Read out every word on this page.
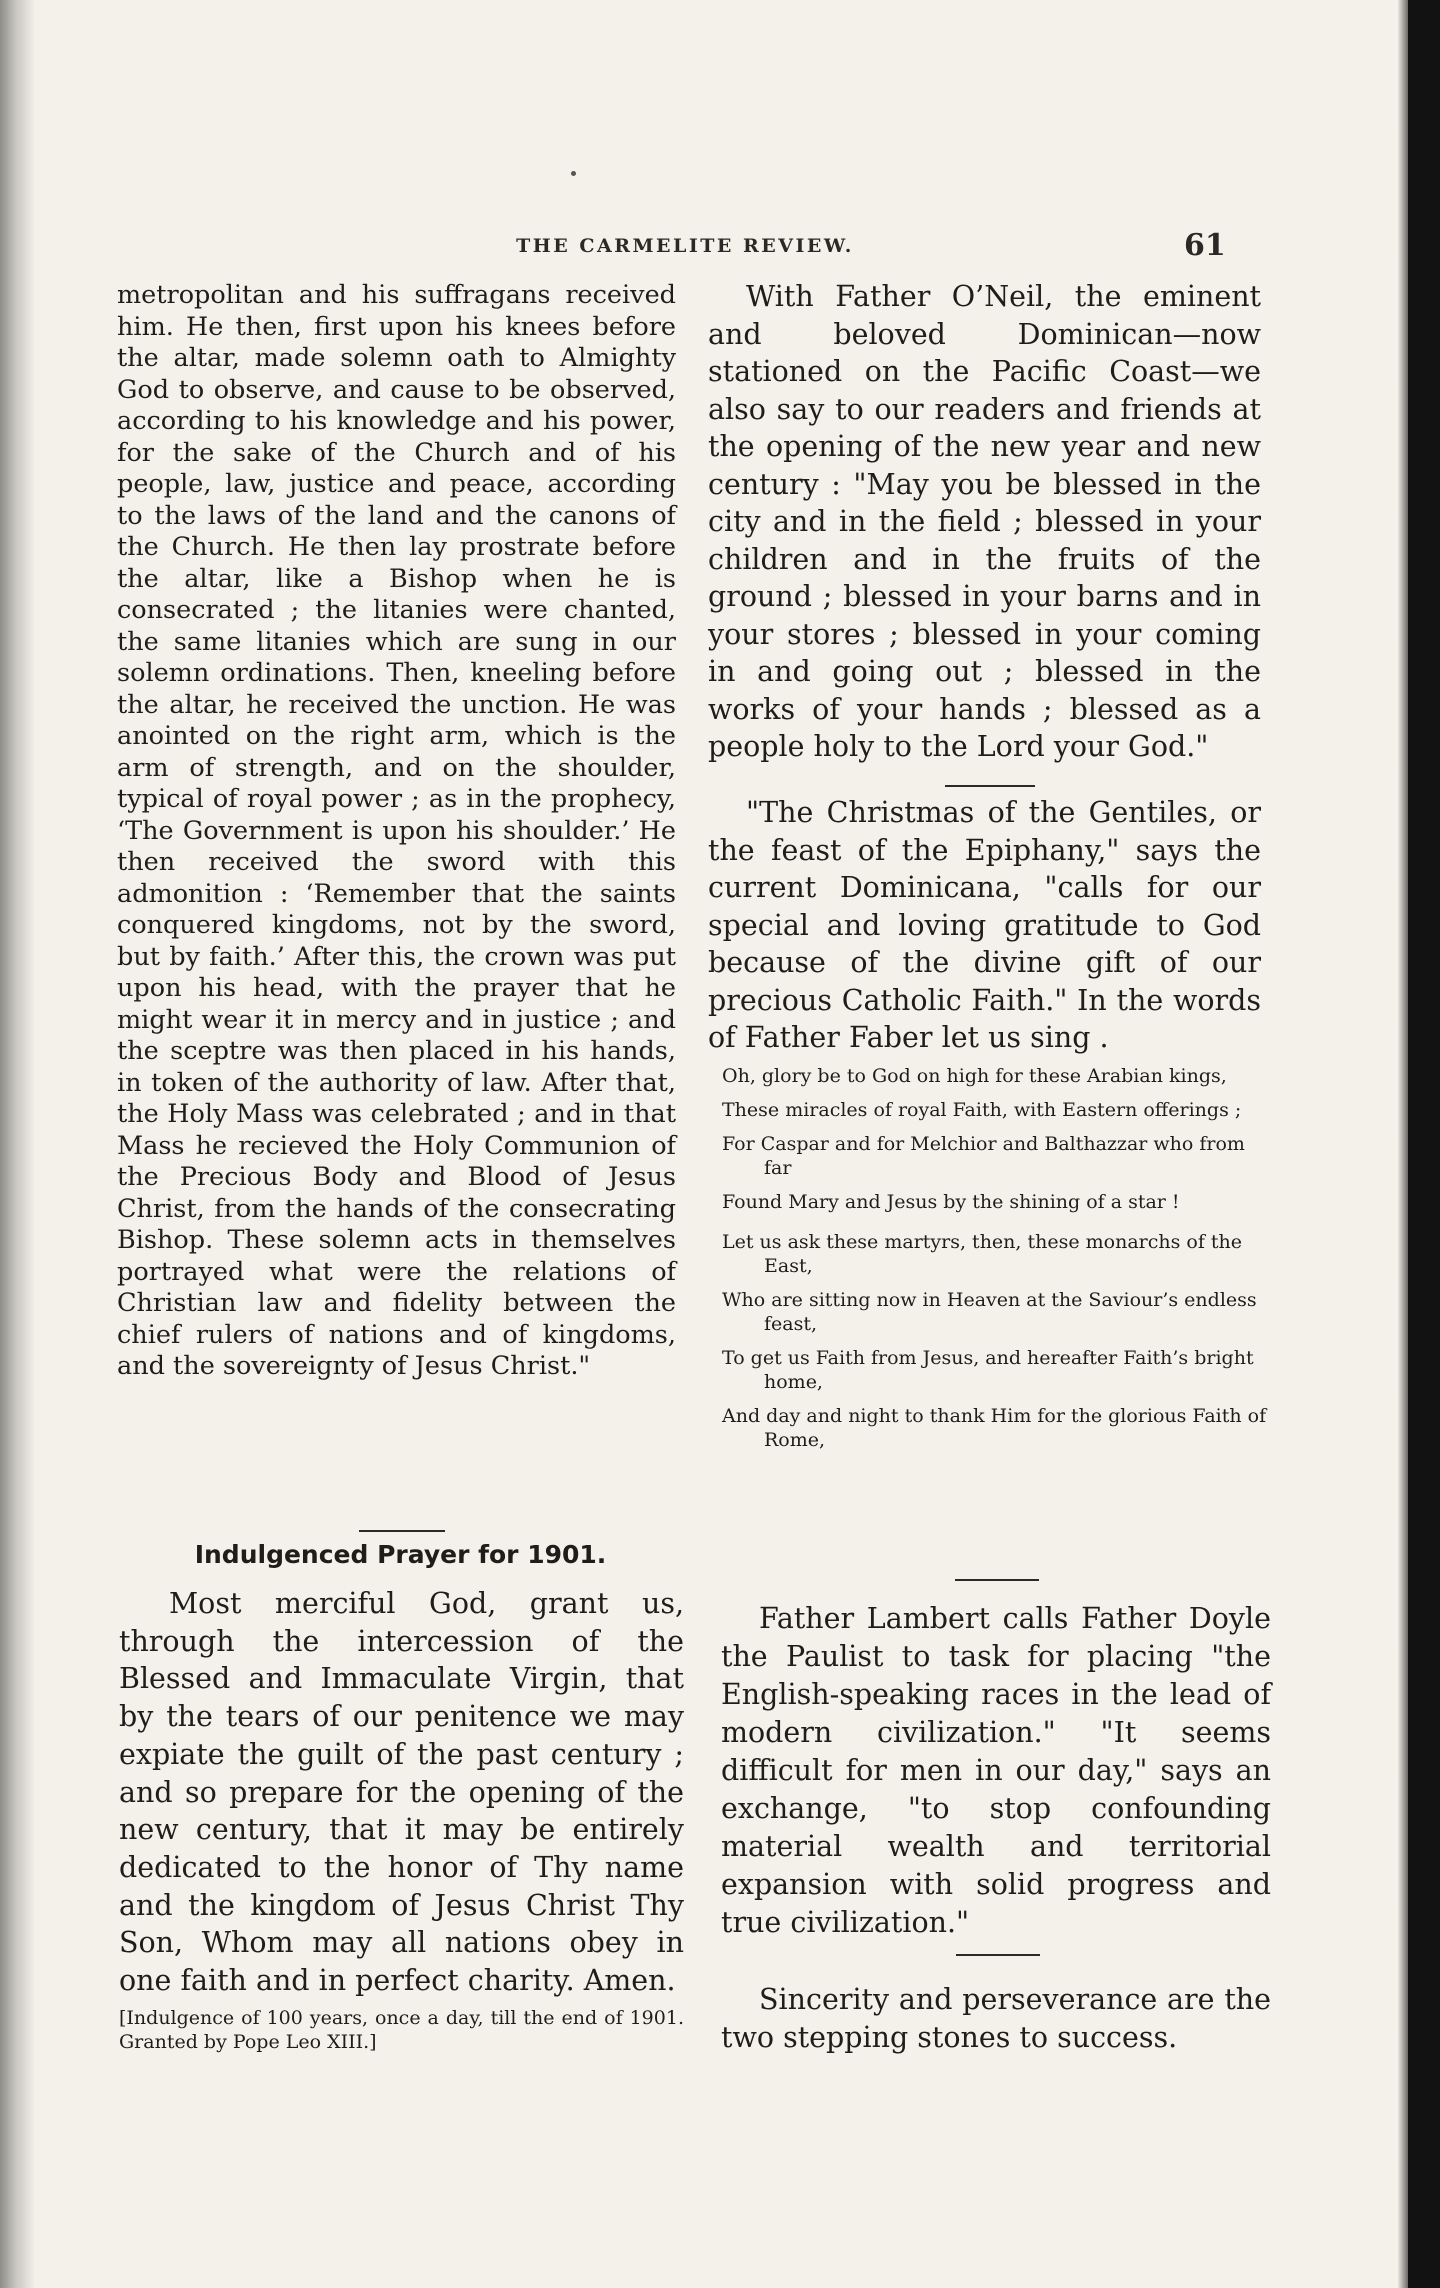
THE CARMELITE REVIEW.	61

metropolitan and his suffragans received him. He then, first upon his knees before the altar, made solemn oath to Almighty God to observe, and cause to be observed, according to his knowledge and his power, for the sake of the Church and of his people, law, justice and peace, according to the laws of the land and the canons of the Church. He then lay prostrate before the altar, like a Bishop when he is consecrated ; the litanies were chanted, the same litanies which are sung in our solemn ordinations. Then, kneeling before the altar, he received the unction. He was anointed on the right arm, which is the arm of strength, and on the shoulder, typical of royal power ; as in the prophecy, ‘The Government is upon his shoulder.’ He then received the sword with this admonition : ‘Remember that the saints conquered kingdoms, not by the sword, but by faith.’ After this, the crown was put upon his head, with the prayer that he might wear it in mercy and in justice ; and the sceptre was then placed in his hands, in token of the authority of law. After that, the Holy Mass was celebrated ; and in that Mass he recieved the Holy Communion of the Precious Body and Blood of Jesus Christ, from the hands of the consecrating Bishop. These solemn acts in themselves portrayed what were the relations of Christian law and fidelity between the chief rulers of nations and of kingdoms, and the sovereignty of Jesus Christ."

Indulgenced Prayer for 1901.

Most merciful God, grant us, through the intercession of the Blessed and Immaculate Virgin, that by the tears of our penitence we may expiate the guilt of the past century ; and so prepare for the opening of the new century, that it may be entirely dedicated to the honor of Thy name and the kingdom of Jesus Christ Thy Son, Whom may all nations obey in one faith and in perfect charity. Amen.

[Indulgence of 100 years, once a day, till the end of 1901. Granted by Pope Leo XIII.]

With Father O’Neil, the eminent and beloved Dominican—now stationed on the Pacific Coast—we also say to our readers and friends at the opening of the new year and new century : "May you be blessed in the city and in the field ; blessed in your children and in the fruits of the ground ; blessed in your barns and in your stores ; blessed in your coming in and going out ; blessed in the works of your hands ; blessed as a people holy to the Lord your God."

"The Christmas of the Gentiles, or the feast of the Epiphany," says the current Dominicana, "calls for our special and loving gratitude to God because of the divine gift of our precious Catholic Faith." In the words of Father Faber let us sing .

Oh, glory be to God on high for these Arabian kings,
These miracles of royal Faith, with Eastern offerings ;
For Caspar and for Melchior and Balthazzar who from far
Found Mary and Jesus by the shining of a star !
Let us ask these martyrs, then, these monarchs of the East,
Who are sitting now in Heaven at the Saviour’s endless feast,
To get us Faith from Jesus, and hereafter Faith’s bright home,
And day and night to thank Him for the glorious Faith of Rome,

Father Lambert calls Father Doyle the Paulist to task for placing "the English-speaking races in the lead of modern civilization." "It seems difficult for men in our day," says an exchange, "to stop confounding material wealth and territorial expansion with solid progress and true civilization."

Sincerity and perseverance are the two stepping stones to success.
